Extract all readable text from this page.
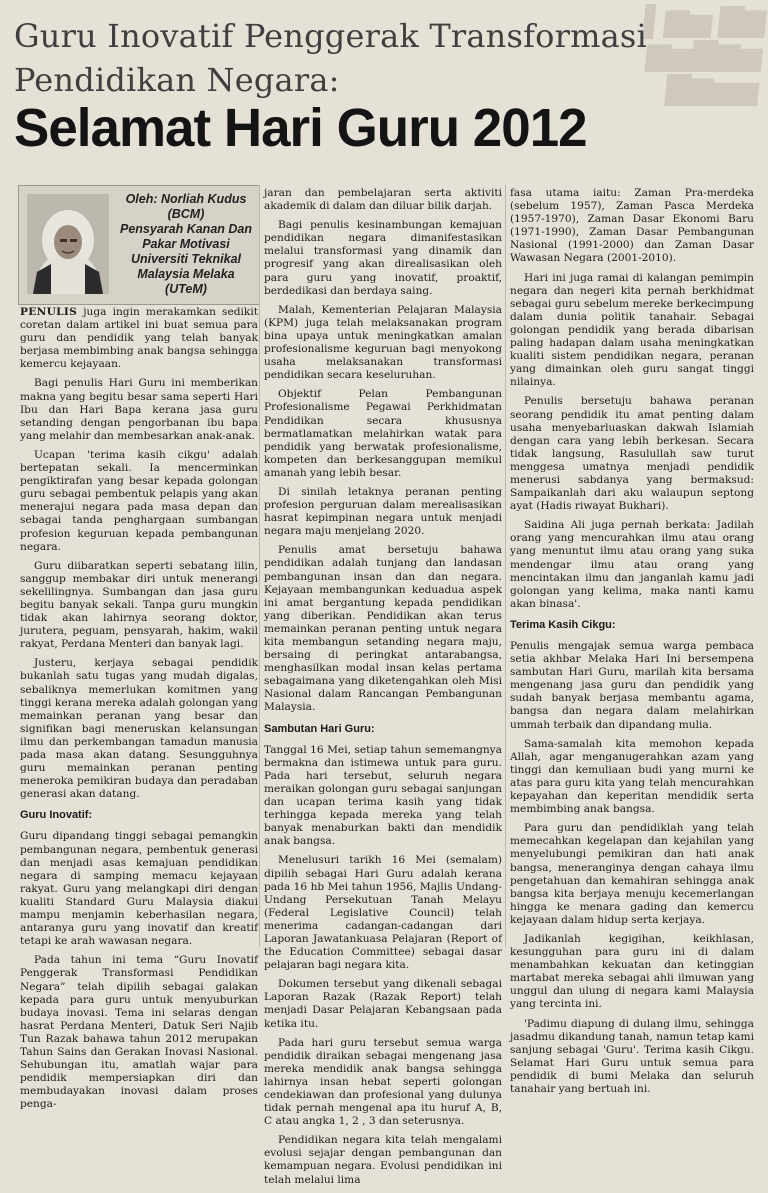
▌▆▅ ▇▆
▆▅▇▆▅
▇▆▅▅
Guru Inovatif Penggerak Transformasi
Pendidikan Negara:
Selamat Hari Guru 2012
Oleh: Norliah Kudus
(BCM)
Pensyarah Kanan Dan
Pakar Motivasi
Universiti Teknikal
Malaysia Melaka
(UTeM)

PENULIS juga ingin merakamkan sedikit coretan dalam artikel ini buat semua para guru dan pendidik yang telah banyak berjasa membimbing anak bangsa sehingga kemercu kejayaan.

Bagi penulis Hari Guru ini memberikan makna yang begitu besar sama seperti Hari Ibu dan Hari Bapa kerana jasa guru setanding dengan pengorbanan ibu bapa yang melahir dan membesarkan anak-anak.

Ucapan 'terima kasih cikgu' adalah bertepatan sekali. Ia mencerminkan pengiktirafan yang besar kepada golongan guru sebagai pembentuk pelapis yang akan menerajui negara pada masa depan dan sebagai tanda penghargaan sumbangan profesion keguruan kepada pembangunan negara.

Guru diibaratkan seperti sebatang lilin, sanggup membakar diri untuk menerangi sekelilingnya. Sumbangan dan jasa guru begitu banyak sekali. Tanpa guru mungkin tidak akan lahirnya seorang doktor, jurutera, peguam, pensyarah, hakim, wakil rakyat, Perdana Menteri dan banyak lagi.

Justeru, kerjaya sebagai pendidik bukanlah satu tugas yang mudah digalas, sebaliknya memerlukan komitmen yang tinggi kerana mereka adalah golongan yang memainkan peranan yang besar dan signifikan bagi meneruskan kelansungan ilmu dan perkembangan tamadun manusia pada masa akan datang. Sesungguhnya guru memainkan peranan penting meneroka pemikiran budaya dan peradaban generasi akan datang.

Guru Inovatif:

Guru dipandang tinggi sebagai pemangkin pembangunan negara, pembentuk generasi dan menjadi asas kemajuan pendidikan negara di samping memacu kejayaan rakyat. Guru yang melangkapi diri dengan kualiti Standard Guru Malaysia diakui mampu menjamin keberhasilan negara, antaranya guru yang inovatif dan kreatif tetapi ke arah wawasan negara.

Pada tahun ini tema “Guru Inovatif Penggerak Transformasi Pendidikan Negara” telah dipilih sebagai galakan kepada para guru untuk menyuburkan budaya inovasi. Tema ini selaras dengan hasrat Perdana Menteri, Datuk Seri Najib Tun Razak bahawa tahun 2012 merupakan Tahun Sains dan Gerakan Inovasi Nasional. Sehubungan itu, amatlah wajar para pendidik mempersiapkan diri dan membudayakan inovasi dalam proses penga-

jaran dan pembelajaran serta aktiviti akademik di dalam dan diluar bilik darjah.

Bagi penulis kesinambungan kemajuan pendidikan negara dimanifestasikan melalui transformasi yang dinamik dan progresif yang akan direalisasikan oleh para guru yang inovatif, proaktif, berdedikasi dan berdaya saing.

Malah, Kementerian Pelajaran Malaysia (KPM) juga telah melaksanakan program bina upaya untuk meningkatkan amalan profesionalisme keguruan bagi menyokong usaha melaksanakan transformasi pendidikan secara keseluruhan.

Objektif Pelan Pembangunan Profesionalisme Pegawai Perkhidmatan Pendidikan secara khususnya bermatlamatkan melahirkan watak para pendidik yang berwatak profesionalisme, kompeten dan berkesanggupan memikul amanah yang lebih besar.

Di sinilah letaknya peranan penting profesion perguruan dalam merealisasikan hasrat kepimpinan negara untuk menjadi negara maju menjelang 2020.

Penulis amat bersetuju bahawa pendidikan adalah tunjang dan landasan pembangunan insan dan dan negara. Kejayaan membangunkan keduadua aspek ini amat bergantung kepada pendidikan yang diberikan. Pendidikan akan terus memainkan peranan penting untuk negara kita membangun setanding negara maju, bersaing di peringkat antarabangsa, menghasilkan modal insan kelas pertama sebagaimana yang diketengahkan oleh Misi Nasional dalam Rancangan Pembangunan Malaysia.

Sambutan Hari Guru:

Tanggal 16 Mei, setiap tahun sememangnya bermakna dan istimewa untuk para guru. Pada hari tersebut, seluruh negara meraikan golongan guru sebagai sanjungan dan ucapan terima kasih yang tidak terhingga kepada mereka yang telah banyak menaburkan bakti dan mendidik anak bangsa.

Menelusuri tarikh 16 Mei (semalam) dipilih sebagai Hari Guru adalah kerana pada 16 hb Mei tahun 1956, Majlis Undang-Undang Persekutuan Tanah Melayu (Federal Legislative Council) telah menerima cadangan-cadangan dari Laporan Jawatankuasa Pelajaran (Report of the Education Committee) sebagai dasar pelajaran bagi negara kita.

Dokumen tersebut yang dikenali sebagai Laporan Razak (Razak Report) telah menjadi Dasar Pelajaran Kebangsaan pada ketika itu.

Pada hari guru tersebut semua warga pendidik diraikan sebagai mengenang jasa mereka mendidik anak bangsa sehingga lahirnya insan hebat seperti golongan cendekiawan dan profesional yang dulunya tidak pernah mengenal apa itu huruf A, B, C atau angka 1, 2 , 3 dan seterusnya.

Pendidikan negara kita telah mengalami evolusi sejajar dengan pembangunan dan kemampuan negara. Evolusi pendidikan ini telah melalui lima

fasa utama iaitu: Zaman Pra-merdeka (sebelum 1957), Zaman Pasca Merdeka (1957-1970), Zaman Dasar Ekonomi Baru (1971-1990), Zaman Dasar Pembangunan Nasional (1991-2000) dan Zaman Dasar Wawasan Negara (2001-2010).

Hari ini juga ramai di kalangan pemimpin negara dan negeri kita pernah berkhidmat sebagai guru sebelum mereke berkecimpung dalam dunia politik tanahair. Sebagai golongan pendidik yang berada dibarisan paling hadapan dalam usaha meningkatkan kualiti sistem pendidikan negara, peranan yang dimainkan oleh guru sangat tinggi nilainya.

Penulis bersetuju bahawa peranan seorang pendidik itu amat penting dalam usaha menyebarluaskan dakwah Islamiah dengan cara yang lebih berkesan. Secara tidak langsung, Rasulullah saw turut menggesa umatnya menjadi pendidik menerusi sabdanya yang bermaksud: Sampaikanlah dari aku walaupun septong ayat (Hadis riwayat Bukhari).

Saidina Ali juga pernah berkata: Jadilah orang yang mencurahkan ilmu atau orang yang menuntut ilmu atau orang yang suka mendengar ilmu atau orang yang mencintakan ilmu dan janganlah kamu jadi golongan yang kelima, maka nanti kamu akan binasa'.

Terima Kasih Cikgu:

Penulis mengajak semua warga pembaca setia akhbar Melaka Hari Ini bersempena sambutan Hari Guru, marilah kita bersama mengenang jasa guru dan pendidik yang sudah banyak berjasa membantu agama, bangsa dan negara dalam melahirkan ummah terbaik dan dipandang mulia.

Sama-samalah kita memohon kepada Allah, agar menganugerahkan azam yang tinggi dan kemuliaan budi yang murni ke atas para guru kita yang telah mencurahkan kepayahan dan keperitan mendidik serta membimbing anak bangsa.

Para guru dan pendidiklah yang telah memecahkan kegelapan dan kejahilan yang menyelubungi pemikiran dan hati anak bangsa, meneranginya dengan cahaya ilmu pengetahuan dan kemahiran sehingga anak bangsa kita berjaya menuju kecemerlangan hingga ke menara gading dan kemercu kejayaan dalam hidup serta kerjaya.

Jadikanlah kegigihan, keikhlasan, kesungguhan para guru ini di dalam menambahkan kekuatan dan ketinggian martabat mereka sebagai ahli ilmuwan yang unggul dan ulung di negara kami Malaysia yang tercinta ini.

'Padimu diapung di dulang ilmu, sehingga jasadmu dikandung tanah, namun tetap kami sanjung sebagai 'Guru'. Terima kasih Cikgu. Selamat Hari Guru untuk semua para pendidik di bumi Melaka dan seluruh tanahair yang bertuah ini.
